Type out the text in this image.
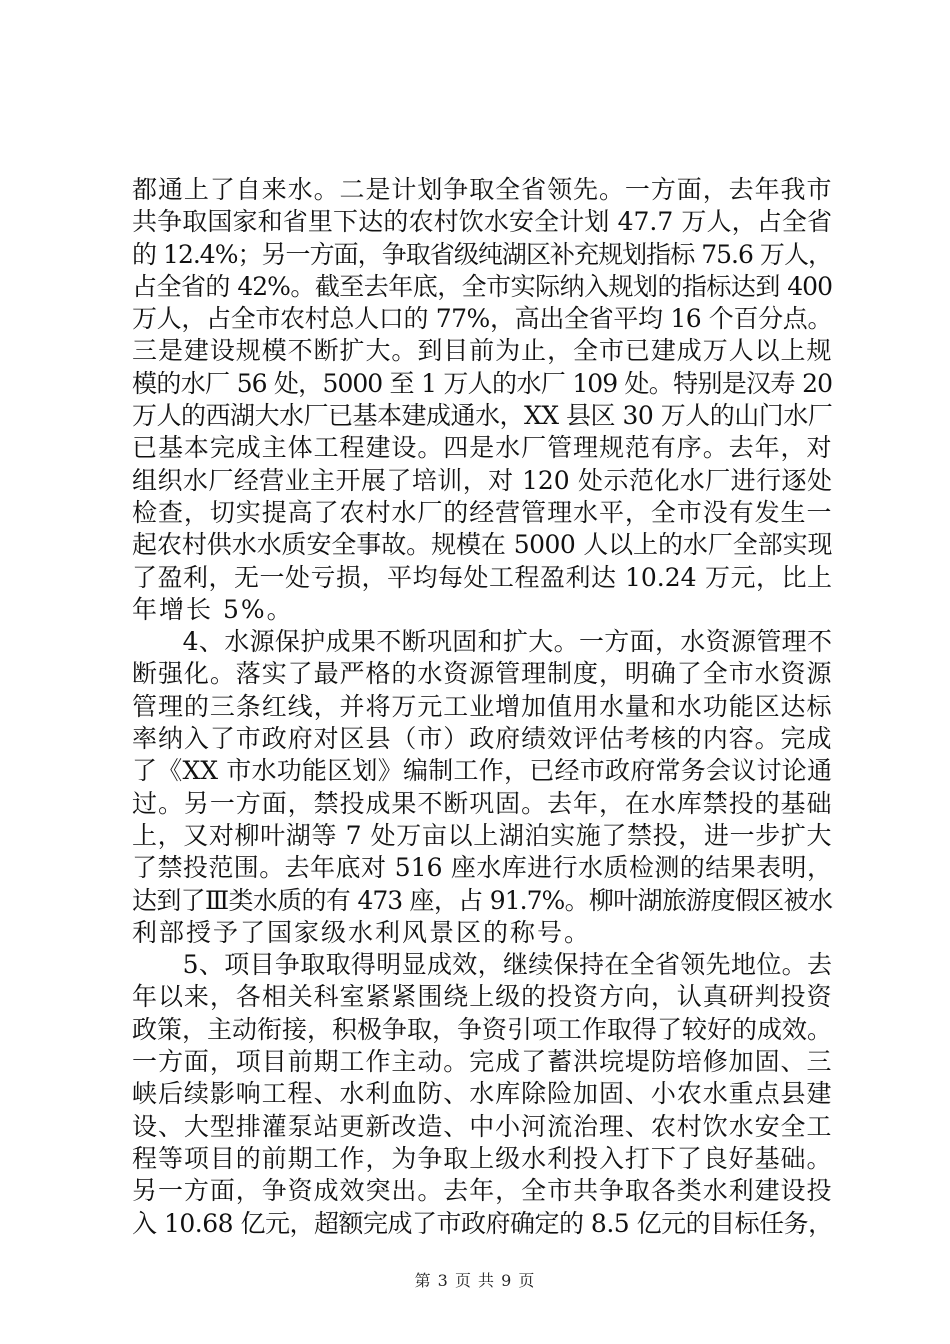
都通上了自来水。二是计划争取全省领先。一方面，去年我市
共争取国家和省里下达的农村饮水安全计划 47.7 万人，占全省
的 12.4%；另一方面，争取省级纯湖区补充规划指标 75.6 万人，
占全省的 42%。截至去年底，全市实际纳入规划的指标达到 400
万人，占全市农村总人口的 77%，高出全省平均 16 个百分点。
三是建设规模不断扩大。到目前为止，全市已建成万人以上规
模的水厂 56 处，5000 至 1 万人的水厂 109 处。特别是汉寿 20
万人的西湖大水厂已基本建成通水，XX 县区 30 万人的山门水厂
已基本完成主体工程建设。四是水厂管理规范有序。去年，对
组织水厂经营业主开展了培训，对 120 处示范化水厂进行逐处
检查，切实提高了农村水厂的经营管理水平，全市没有发生一
起农村供水水质安全事故。规模在 5000 人以上的水厂全部实现
了盈利，无一处亏损，平均每处工程盈利达 10.24 万元，比上
年增长 5%。
　　4、水源保护成果不断巩固和扩大。一方面，水资源管理不
断强化。落实了最严格的水资源管理制度，明确了全市水资源
管理的三条红线，并将万元工业增加值用水量和水功能区达标
率纳入了市政府对区县（市）政府绩效评估考核的内容。完成
了《XX 市水功能区划》编制工作，已经市政府常务会议讨论通
过。另一方面，禁投成果不断巩固。去年，在水库禁投的基础
上，又对柳叶湖等 7 处万亩以上湖泊实施了禁投，进一步扩大
了禁投范围。去年底对 516 座水库进行水质检测的结果表明，
达到了Ⅲ类水质的有 473 座，占 91.7%。柳叶湖旅游度假区被水
利部授予了国家级水利风景区的称号。
　　5、项目争取取得明显成效，继续保持在全省领先地位。去
年以来，各相关科室紧紧围绕上级的投资方向，认真研判投资
政策，主动衔接，积极争取，争资引项工作取得了较好的成效。
一方面，项目前期工作主动。完成了蓄洪垸堤防培修加固、三
峡后续影响工程、水利血防、水库除险加固、小农水重点县建
设、大型排灌泵站更新改造、中小河流治理、农村饮水安全工
程等项目的前期工作，为争取上级水利投入打下了良好基础。
另一方面，争资成效突出。去年，全市共争取各类水利建设投
入 10.68 亿元，超额完成了市政府确定的 8.5 亿元的目标任务，
第 3 页 共 9 页
